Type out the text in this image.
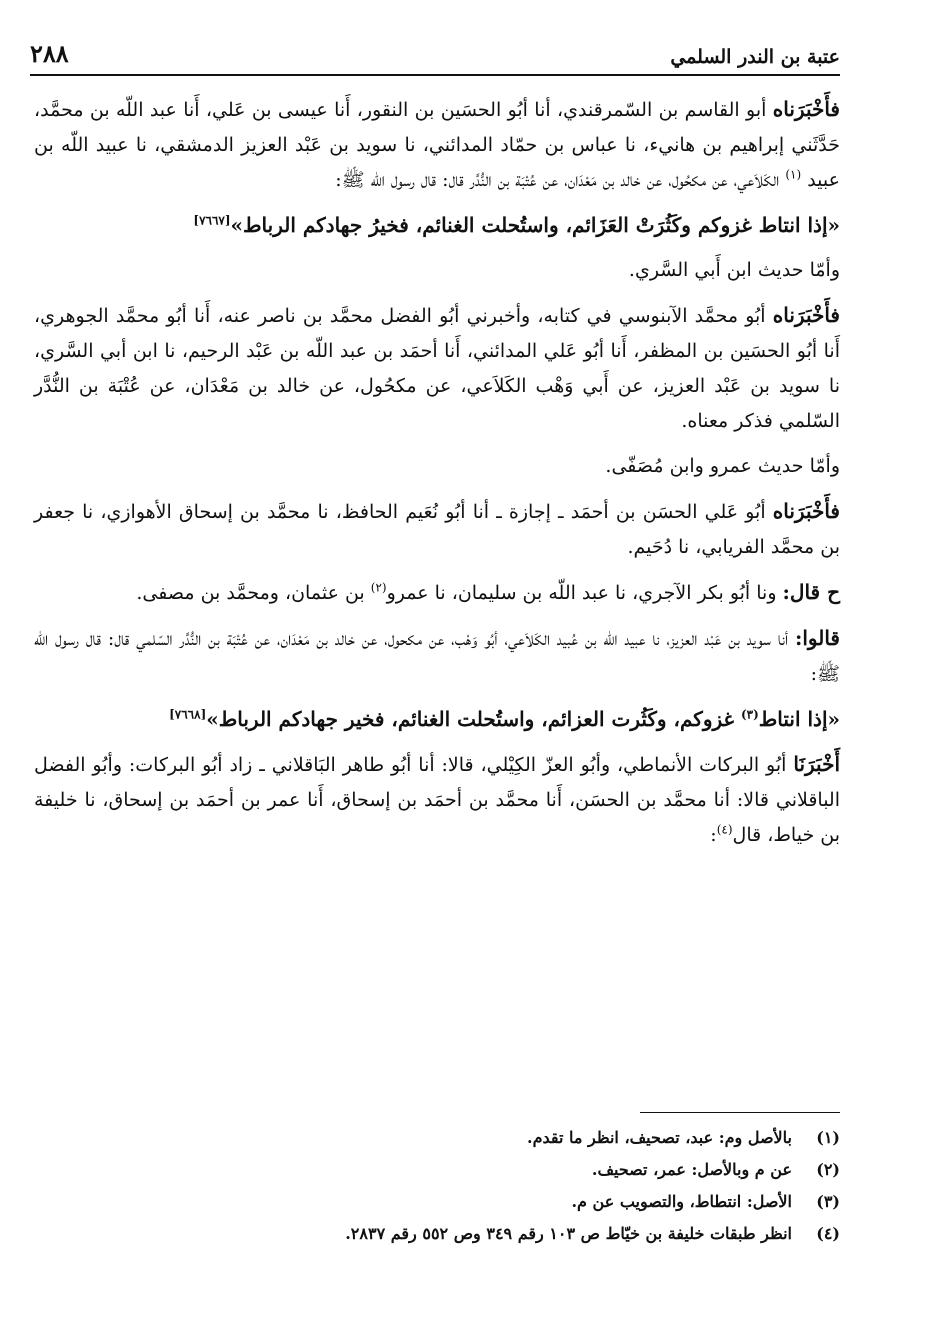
عتبة بن الندر السلمي
٢٨٨

فأَخْبَرَناه أبو القاسم بن السّمرقندي، أنا أبُو الحسَين بن النقور، أَنا عيسى بن عَلي، أَنا عبد اللّه بن محمَّد، حَدَّثَني إبراهيم بن هانيء، نا عباس بن حمّاد المدائني، نا سويد بن عَبْد العزيز الدمشقي، نا عبيد اللّه بن عبيد $^{(١)}$ الكَلاَعي، عن مكحُول، عن خالد بن مَعْدَان، عن عُتْبَة بن النُّدَّر قال: قال رسول الله ﷺ:

«إذا انتاط غزوكم وكَثُرَتْ العَزَائم، واستُحلت الغنائم، فخيرُ جهادكم الرباط»[٧٦٦٧]

وأمّا حديث ابن أَبي السَّري.

فأَخْبَرَناه أبُو محمَّد الآبنوسي في كتابه، وأخبرني أبُو الفضل محمَّد بن ناصر عنه، أَنا أبُو محمَّد الجوهري، أَنا أبُو الحسَين بن المظفر، أَنا أبُو عَلي المدائني، أَنا أحمَد بن عبد اللّه بن عَبْد الرحيم، نا ابن أبي السَّري، نا سويد بن عَبْد العزيز، عن أَبي وَهْب الكَلاَعي، عن مكحُول، عن خالد بن مَعْدَان، عن عُتْبَة بن النُّدَّر السّلمي فذكر معناه.

وأمّا حديث عمرو وابن مُصَفّى.

فأَخْبَرَناه أبُو عَلي الحسَن بن أحمَد ـ إجازة ـ أنا أبُو نُعَيم الحافظ، نا محمَّد بن إسحاق الأهوازي، نا جعفر بن محمَّد الفريابي، نا دُحَيم.

ح قال: ونا أبُو بكر الآجري، نا عبد اللّه بن سليمان، نا عمرو$^{(٢)}$ بن عثمان، ومحمَّد بن مصفى.

قالوا: أنا سويد بن عَبْد العزيز، نا عبيد اللّه بن عُبيد الكَلاَعي، أبُو وَهْب، عن مكحول، عن خالد بن مَعْدَان، عن عُتْبَة بن النُّدَّر السّلمي قال: قال رسول الله ﷺ:

«إذا انتاط$^{(٣)}$ غزوكم، وكَثُرت العزائم، واستُحلت الغنائم، فخير جهادكم الرباط»[٧٦٦٨]

أَخْبَرَنَا أبُو البركات الأنماطي، وأبُو العزّ الكِيْلي، قالا: أنا أبُو طاهر البَاقلاني ـ زاد أبُو البركات: وأبُو الفضل الباقلاني قالا: أنا محمَّد بن الحسَن، أَنا محمَّد بن أحمَد بن إسحاق، أَنا عمر بن أحمَد بن إسحاق، نا خليفة بن خياط، قال$^{(٤)}$:

(١)
بالأصل وم: عبد، تصحيف، انظر ما تقدم.
(٢)
عن م وبالأصل: عمر، تصحيف.
(٣)
الأصل: انتطاط، والتصويب عن م.
(٤)
انظر طبقات خليفة بن خيّاط ص ١٠٣ رقم ٣٤٩ وص ٥٥٢ رقم ٢٨٣٧.
